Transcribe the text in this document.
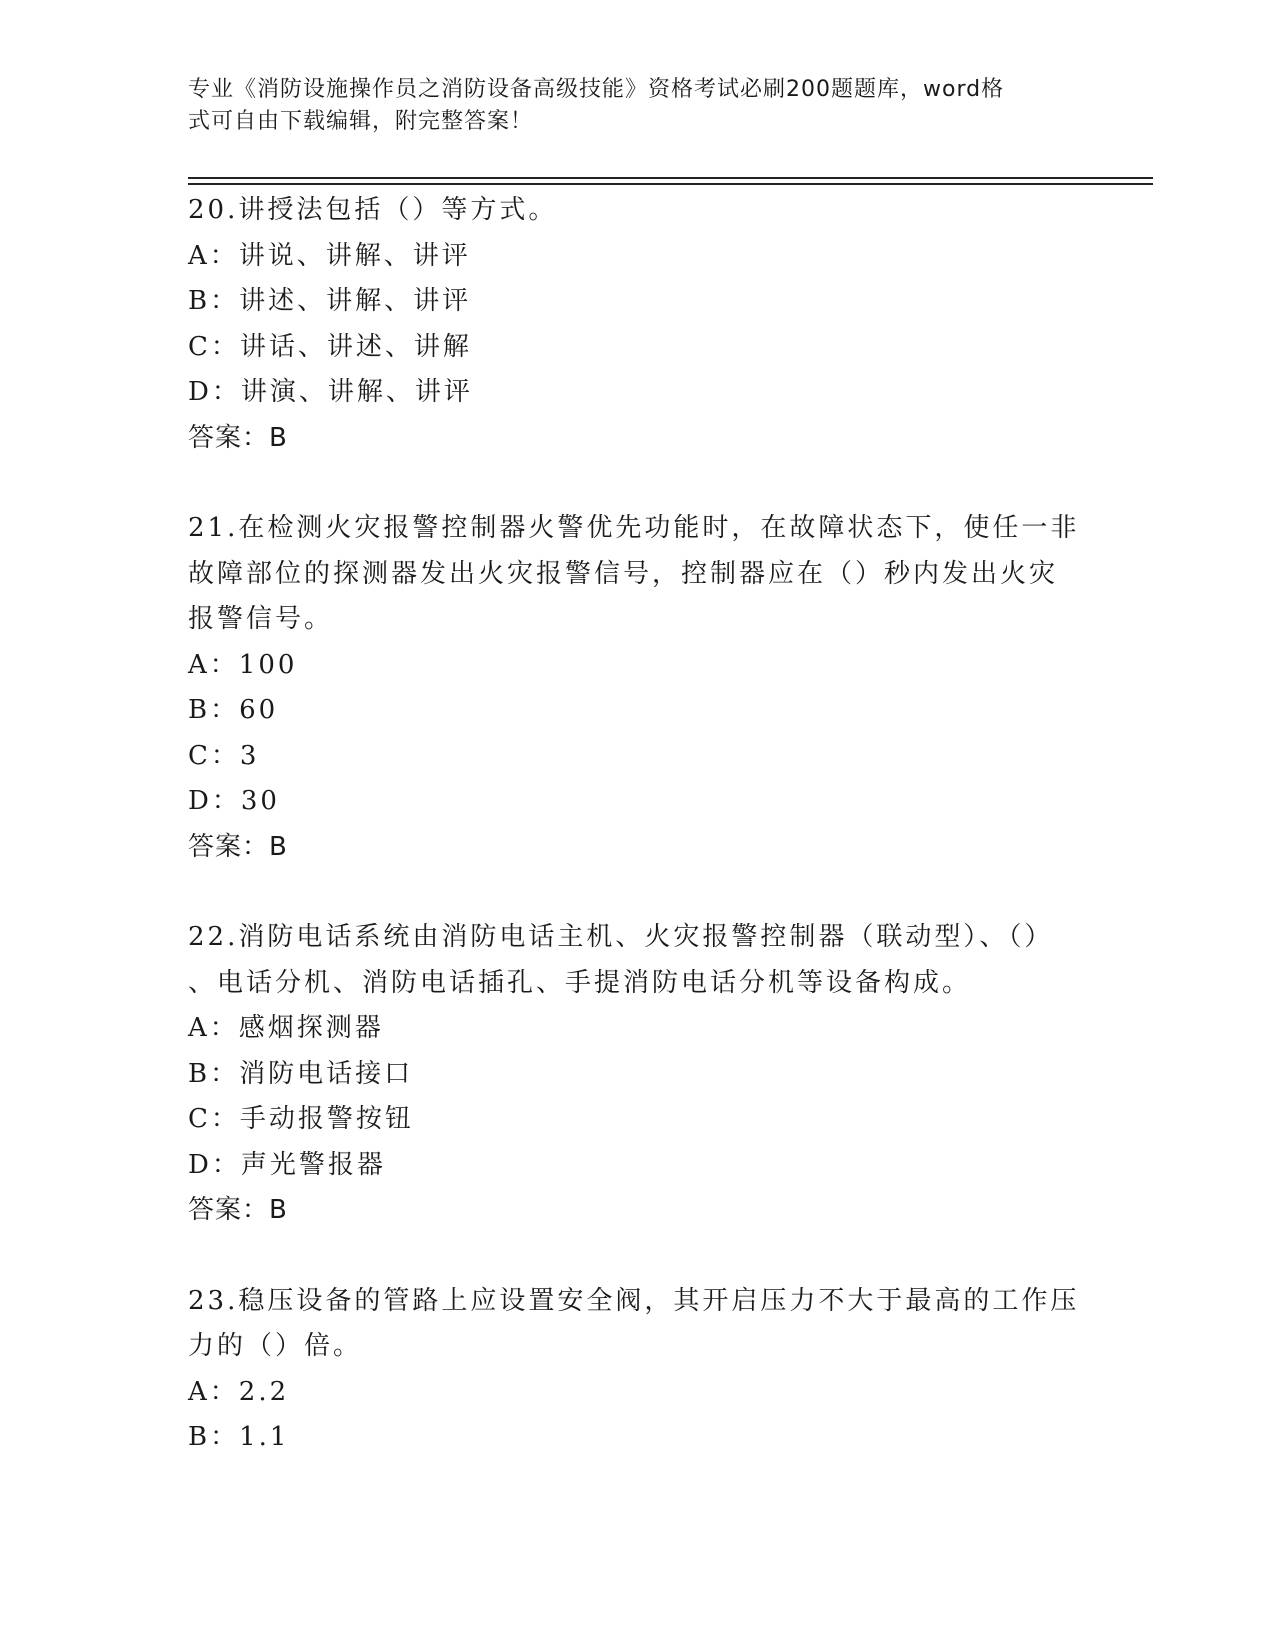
专业《消防设施操作员之消防设备高级技能》资格考试必刷200题题库，word格
式可自由下载编辑，附完整答案！
20.讲授法包括（）等方式。
A：讲说、讲解、讲评
B：讲述、讲解、讲评
C：讲话、讲述、讲解
D：讲演、讲解、讲评
答案：B
21.在检测火灾报警控制器火警优先功能时，在故障状态下，使任一非
故障部位的探测器发出火灾报警信号，控制器应在（）秒内发出火灾
报警信号。
A：100
B：60
C：3
D：30
答案：B
22.消防电话系统由消防电话主机、火灾报警控制器（联动型）、（）
、电话分机、消防电话插孔、手提消防电话分机等设备构成。
A：感烟探测器
B：消防电话接口
C：手动报警按钮
D：声光警报器
答案：B
23.稳压设备的管路上应设置安全阀，其开启压力不大于最高的工作压
力的（）倍。
A：2.2
B：1.1
